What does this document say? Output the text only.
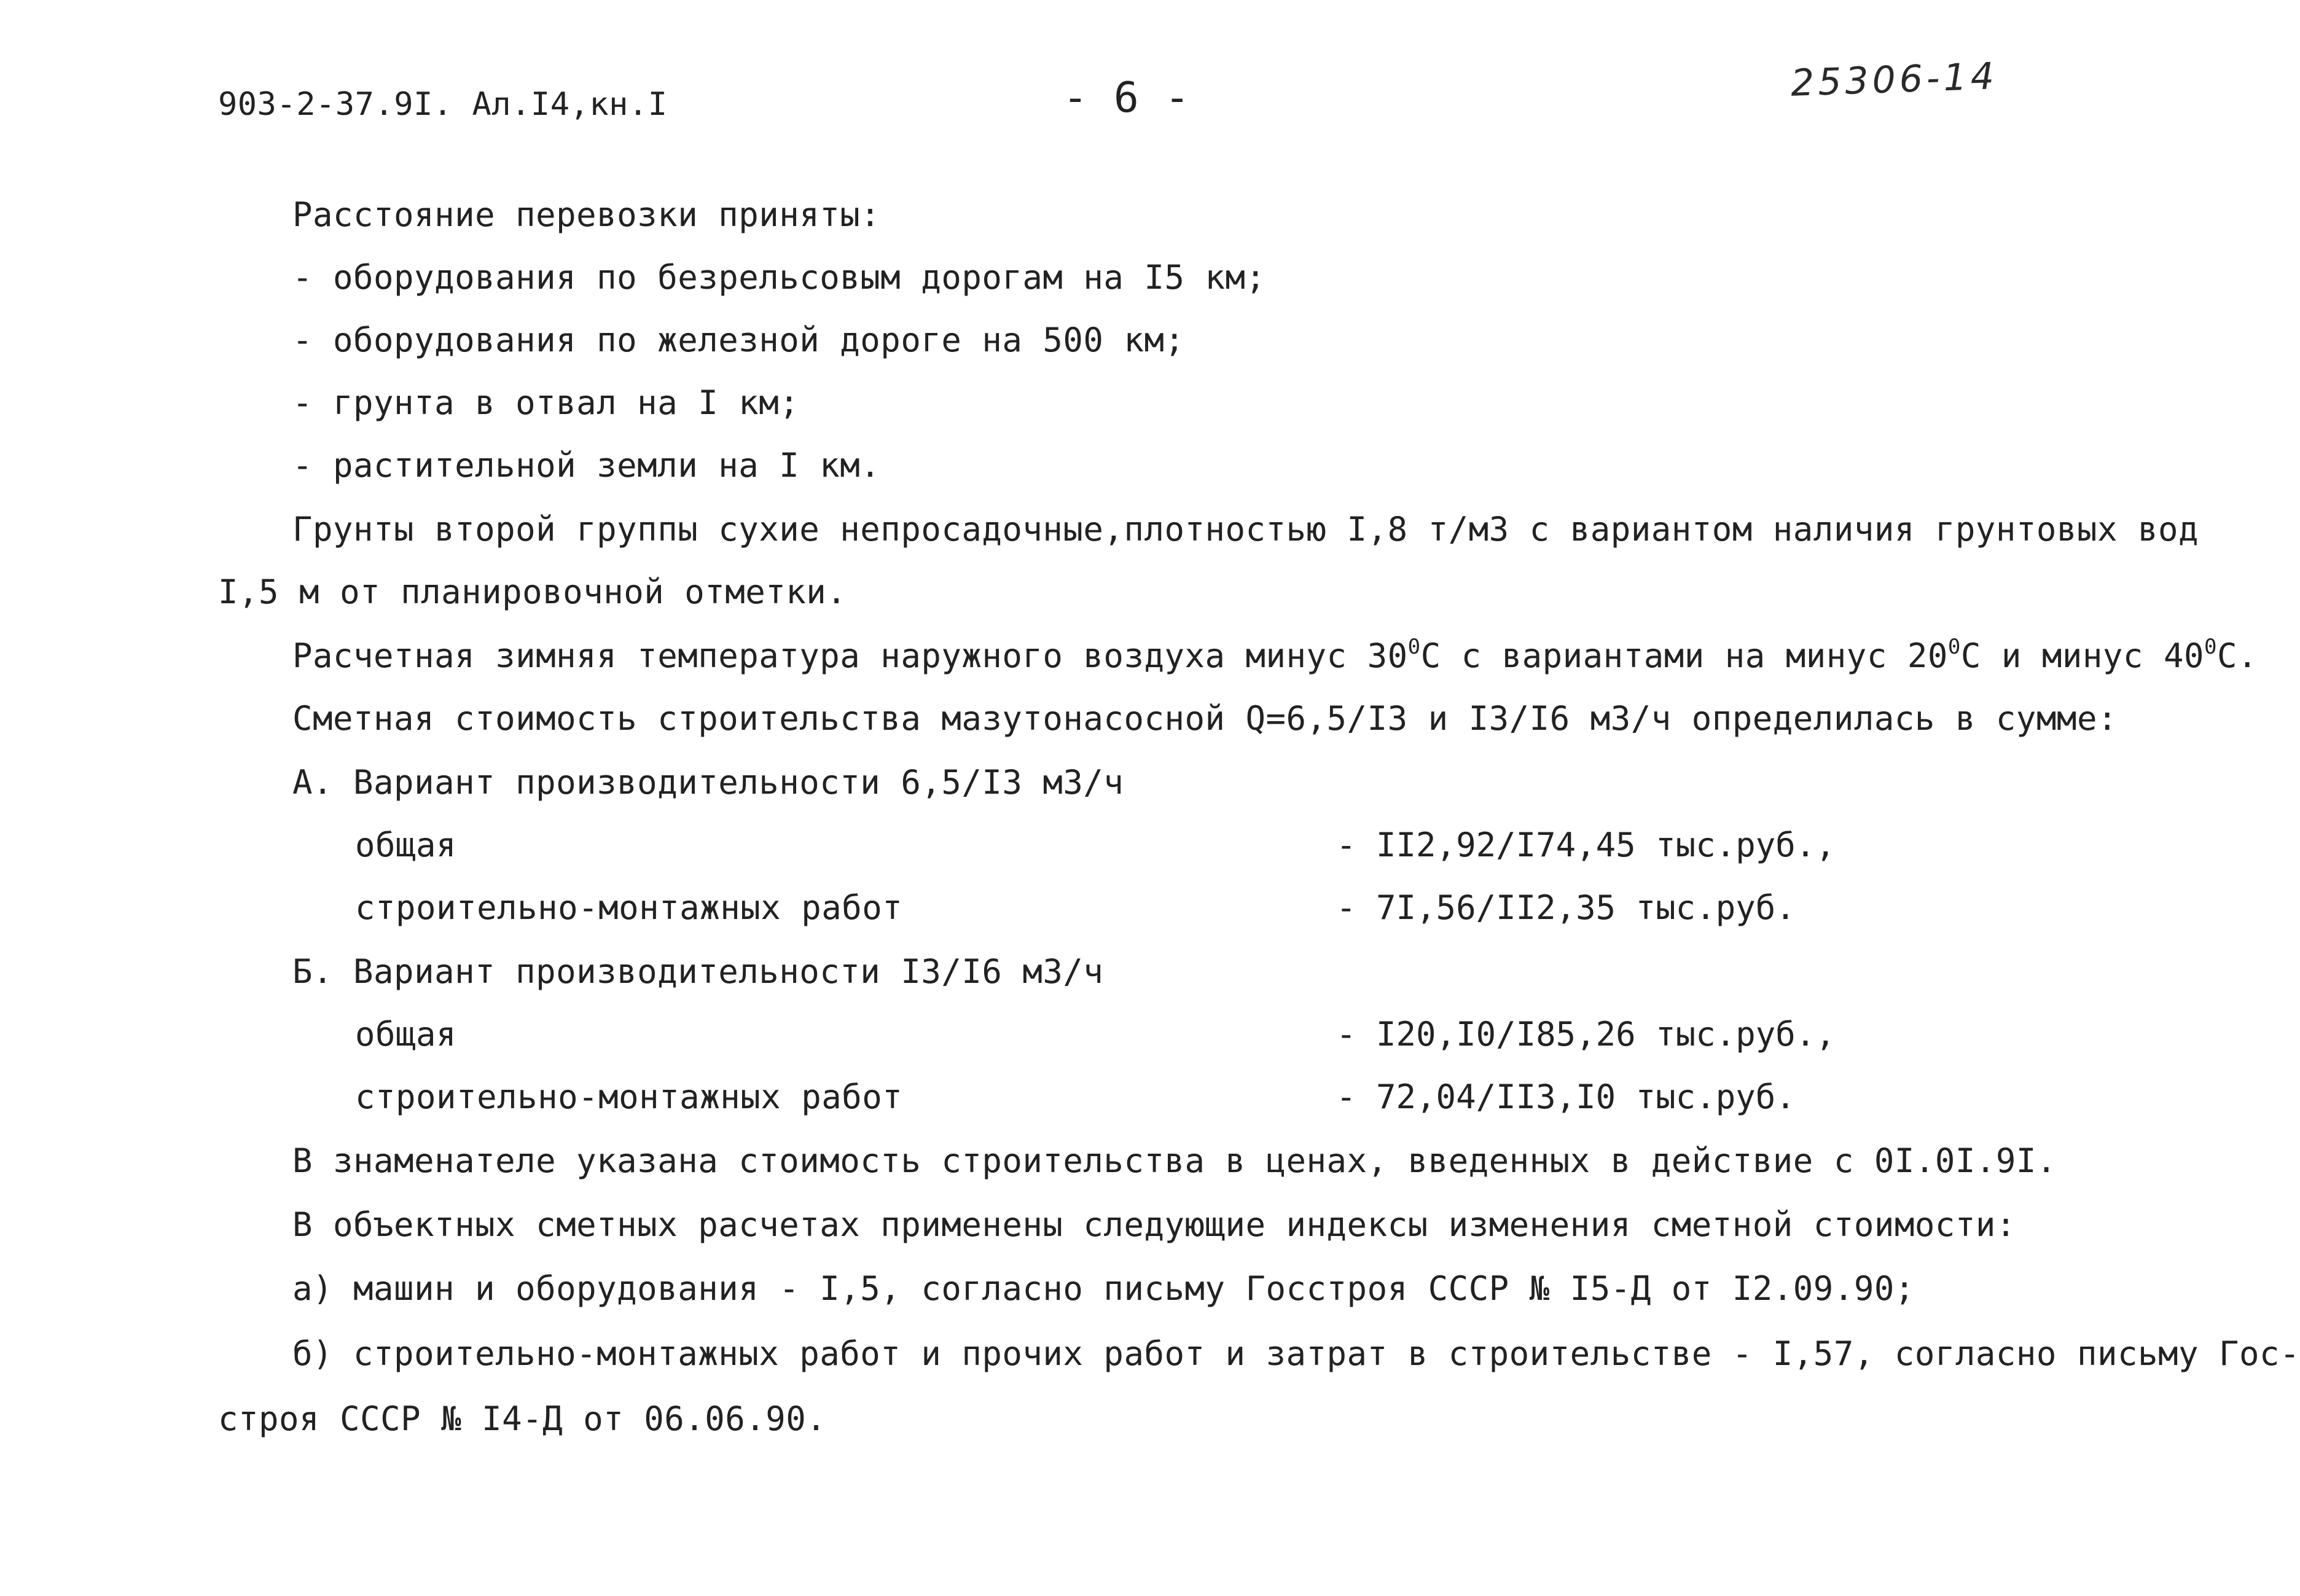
903-2-37.9I. Ал.I4,кн.I	- 6 -	25306-14
Расстояние перевозки приняты:
- оборудования по безрельсовым дорогам на I5 км;
- оборудования по железной дороге на 500 км;
- грунта в отвал на I км;
- растительной земли на I км.
Грунты второй группы сухие непросадочные,плотностью I,8 т/м3 с вариантом наличия грунтовых вод
I,5 м от планировочной отметки.
Расчетная зимняя температура наружного воздуха минус $30^0С$ с вариантами на минус $20^0С$ и минус $40^0С$.
Сметная стоимость строительства мазутонасосной Q=6,5/I3 и I3/I6 м3/ч определилась в сумме:
А. Вариант производительности 6,5/I3 м3/ч
общая	- II2,92/I74,45 тыс.руб.,
строительно-монтажных работ	- 7I,56/II2,35 тыс.руб.
Б. Вариант производительности I3/I6 м3/ч
общая	- I20,I0/I85,26 тыс.руб.,
строительно-монтажных работ	- 72,04/II3,I0 тыс.руб.
В знаменателе указана стоимость строительства в ценах, введенных в действие с 0I.0I.9I.
В объектных сметных расчетах применены следующие индексы изменения сметной стоимости:
а) машин и оборудования - I,5, согласно письму Госстроя СССР № I5-Д от I2.09.90;
б) строительно-монтажных работ и прочих работ и затрат в строительстве - I,57, согласно письму Гос-
строя СССР № I4-Д от 06.06.90.
